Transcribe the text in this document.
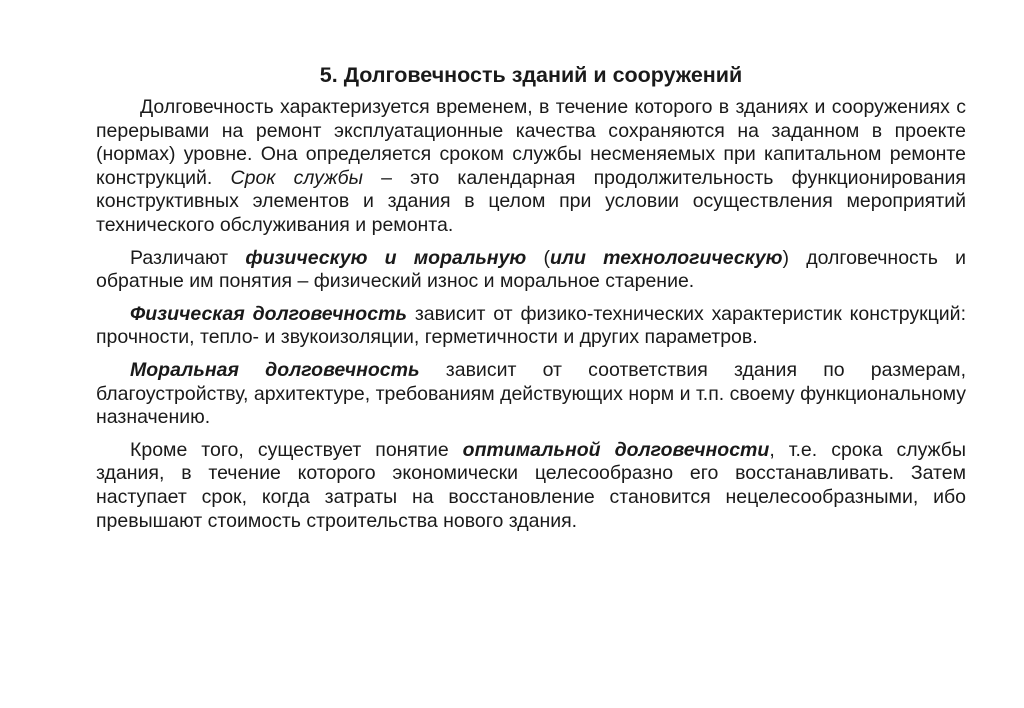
5. Долговечность зданий и сооружений

Долговечность характеризуется временем, в течение которого в зданиях и сооружениях с перерывами на ремонт эксплуатационные качества сохраняются на заданном в проекте (нормах) уровне. Она определяется сроком службы несменяемых при капитальном ремонте конструкций. Срок службы – это календарная продолжительность функционирования конструктивных элементов и здания в целом при условии осуществления мероприятий технического обслуживания и ремонта.

Различают физическую и моральную (или технологическую) долговечность и обратные им понятия – физический износ и моральное старение.

Физическая долговечность зависит от физико-технических характеристик конструкций: прочности, тепло- и звукоизоляции, герметичности и других параметров.

Моральная долговечность зависит от соответствия здания по размерам, благоустройству, архитектуре, требованиям действующих норм и т.п. своему функциональному назначению.

Кроме того, существует понятие оптимальной долговечности, т.е. срока службы здания, в течение которого экономически целесообразно его восстанавливать. Затем наступает срок, когда затраты на восстановление становится нецелесообразными, ибо превышают стоимость строительства нового здания.
